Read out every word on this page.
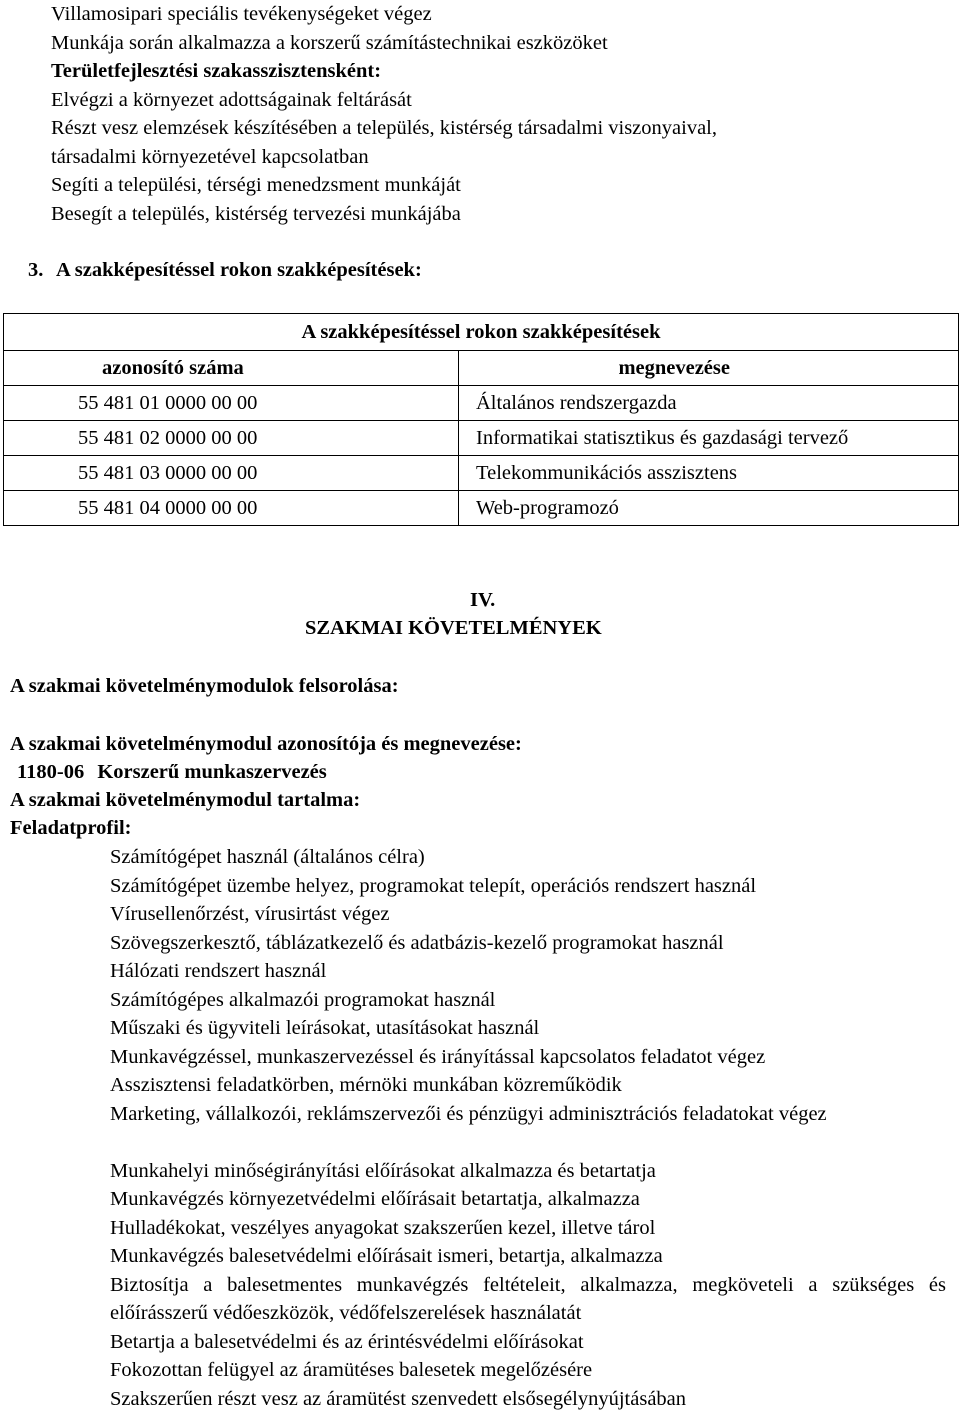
Villamosipari speciális tevékenységeket végez
Munkája során alkalmazza a korszerű számítástechnikai eszközöket
Területfejlesztési szakasszisztensként:
Elvégzi a környezet adottságainak feltárását
Részt vesz elemzések készítésében a település, kistérség társadalmi viszonyaival,
társadalmi környezetével kapcsolatban
Segíti a települési, térségi menedzsment munkáját
Besegít a település, kistérség tervezési munkájába
3. A szakképesítéssel rokon szakképesítések:
A szakképesítéssel rokon szakképesítések	
azonosító száma	megnevezése
55 481 01 0000 00 00	Általános rendszergazda
55 481 02 0000 00 00	Informatikai statisztikus és gazdasági tervező
55 481 03 0000 00 00	Telekommunikációs asszisztens
55 481 04 0000 00 00	Web-programozó
IV.
SZAKMAI KÖVETELMÉNYEK
A szakmai követelménymodulok felsorolása:
A szakmai követelménymodul azonosítója és megnevezése:
1180-06 Korszerű munkaszervezés
A szakmai követelménymodul tartalma:
Feladatprofil:
Számítógépet használ (általános célra)
Számítógépet üzembe helyez, programokat telepít, operációs rendszert használ
Vírusellenőrzést, vírusirtást végez
Szövegszerkesztő, táblázatkezelő és adatbázis-kezelő programokat használ
Hálózati rendszert használ
Számítógépes alkalmazói programokat használ
Műszaki és ügyviteli leírásokat, utasításokat használ
Munkavégzéssel, munkaszervezéssel és irányítással kapcsolatos feladatot végez
Asszisztensi feladatkörben, mérnöki munkában közreműködik
Marketing, vállalkozói, reklámszervezői és pénzügyi adminisztrációs feladatokat végez
Munkahelyi minőségirányítási előírásokat alkalmazza és betartatja
Munkavégzés környezetvédelmi előírásait betartatja, alkalmazza
Hulladékokat, veszélyes anyagokat szakszerűen kezel, illetve tárol
Munkavégzés balesetvédelmi előírásait ismeri, betartja, alkalmazza
Biztosítja a balesetmentes munkavégzés feltételeit, alkalmazza, megköveteli a szükséges és előírásszerű védőeszközök, védőfelszerelések használatát
Betartja a balesetvédelmi és az érintésvédelmi előírásokat
Fokozottan felügyel az áramütéses balesetek megelőzésére
Szakszerűen részt vesz az áramütést szenvedett elsősegélynyújtásában
